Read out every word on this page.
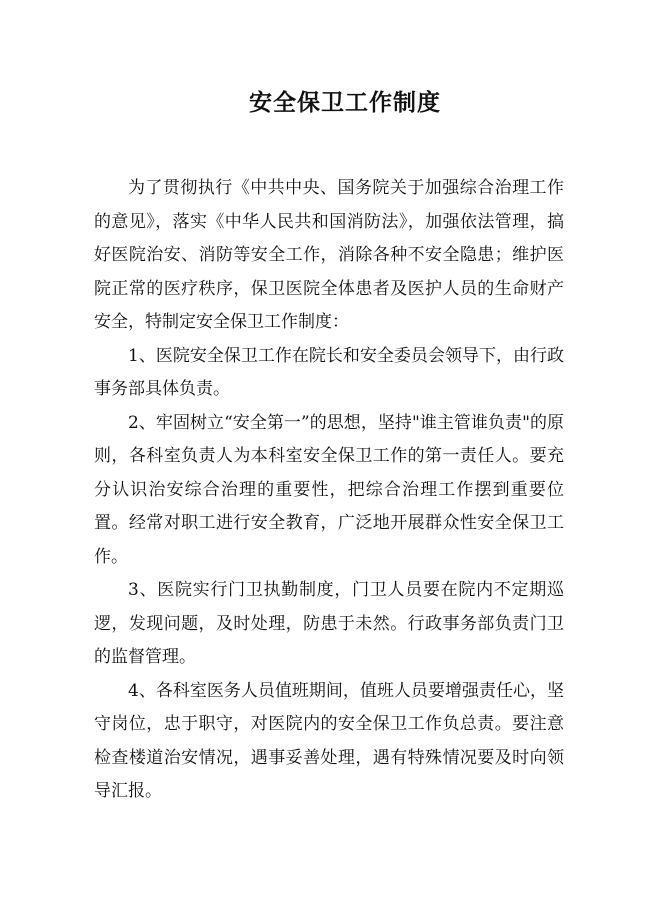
安全保卫工作制度

为了贯彻执行《中共中央、国务院关于加强综合治理工作的意见》，落实《中华人民共和国消防法》，加强依法管理，搞好医院治安、消防等安全工作，消除各种不安全隐患；维护医院正常的医疗秩序，保卫医院全体患者及医护人员的生命财产安全，特制定安全保卫工作制度：

1、医院安全保卫工作在院长和安全委员会领导下，由行政事务部具体负责。

2、牢固树立“安全第一”的思想，坚持"谁主管谁负责"的原则，各科室负责人为本科室安全保卫工作的第一责任人。要充分认识治安综合治理的重要性，把综合治理工作摆到重要位置。经常对职工进行安全教育，广泛地开展群众性安全保卫工作。

3、医院实行门卫执勤制度，门卫人员要在院内不定期巡逻，发现问题，及时处理，防患于未然。行政事务部负责门卫的监督管理。

4、各科室医务人员值班期间，值班人员要增强责任心，坚守岗位，忠于职守，对医院内的安全保卫工作负总责。要注意检查楼道治安情况，遇事妥善处理，遇有特殊情况要及时向领导汇报。
